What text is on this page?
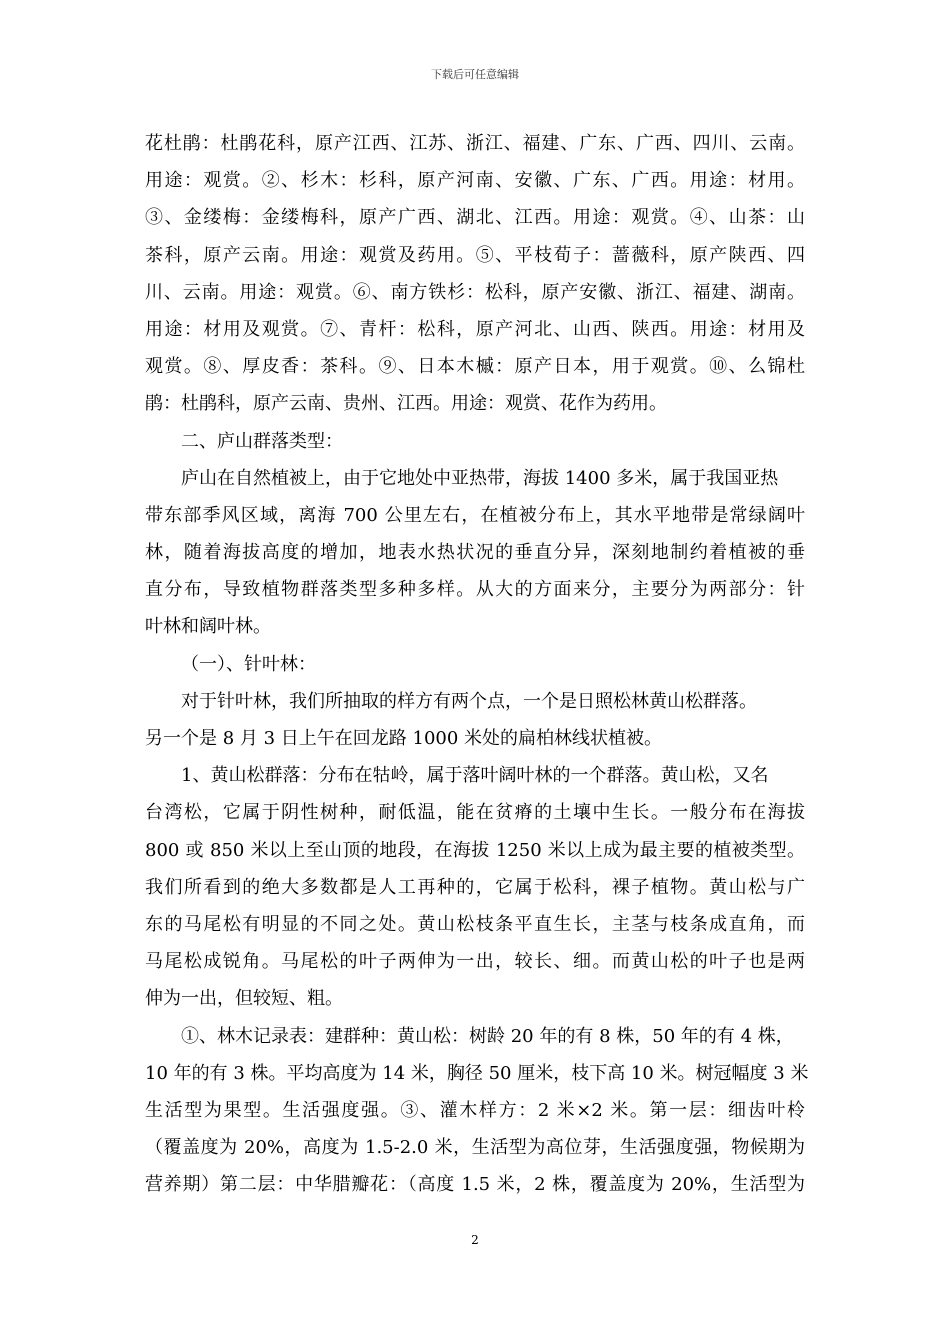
下载后可任意编辑
花杜鹃：杜鹃花科，原产江西、江苏、浙江、福建、广东、广西、四川、云南。
用途：观赏。②、杉木：杉科，原产河南、安徽、广东、广西。用途：材用。
③、金缕梅：金缕梅科，原产广西、湖北、江西。用途：观赏。④、山茶：山
茶科，原产云南。用途：观赏及药用。⑤、平枝荀子：蔷薇科，原产陕西、四
川、云南。用途：观赏。⑥、南方铁杉：松科，原产安徽、浙江、福建、湖南。
用途：材用及观赏。⑦、青杆：松科，原产河北、山西、陕西。用途：材用及
观赏。⑧、厚皮香：茶科。⑨、日本木槭：原产日本，用于观赏。⑩、么锦杜
鹃：杜鹃科，原产云南、贵州、江西。用途：观赏、花作为药用。
二、庐山群落类型：
庐山在自然植被上，由于它地处中亚热带，海拔 1400 多米，属于我国亚热
带东部季风区域，离海 700 公里左右，在植被分布上，其水平地带是常绿阔叶
林，随着海拔高度的增加，地表水热状况的垂直分异，深刻地制约着植被的垂
直分布，导致植物群落类型多种多样。从大的方面来分，主要分为两部分：针
叶林和阔叶林。
（一）、针叶林：
对于针叶林，我们所抽取的样方有两个点，一个是日照松林黄山松群落。
另一个是 8 月 3 日上午在回龙路 1000 米处的扁柏林线状植被。
1、黄山松群落：分布在牯岭，属于落叶阔叶林的一个群落。黄山松，又名
台湾松，它属于阴性树种，耐低温，能在贫瘠的土壤中生长。一般分布在海拔
800 或 850 米以上至山顶的地段，在海拔 1250 米以上成为最主要的植被类型。
我们所看到的绝大多数都是人工再种的，它属于松科，裸子植物。黄山松与广
东的马尾松有明显的不同之处。黄山松枝条平直生长，主茎与枝条成直角，而
马尾松成锐角。马尾松的叶子两伸为一出，较长、细。而黄山松的叶子也是两
伸为一出，但较短、粗。
①、林木记录表：建群种：黄山松：树龄 20 年的有 8 株，50 年的有 4 株，
10 年的有 3 株。平均高度为 14 米，胸径 50 厘米，枝下高 10 米。树冠幅度 3 米
生活型为果型。生活强度强。③、灌木样方：2 米×2 米。第一层：细齿叶柃
（覆盖度为 20%，高度为 1.5-2.0 米，生活型为高位芽，生活强度强，物候期为
营养期）第二层：中华腊瓣花：（高度 1.5 米，2 株，覆盖度为 20%，生活型为
2
